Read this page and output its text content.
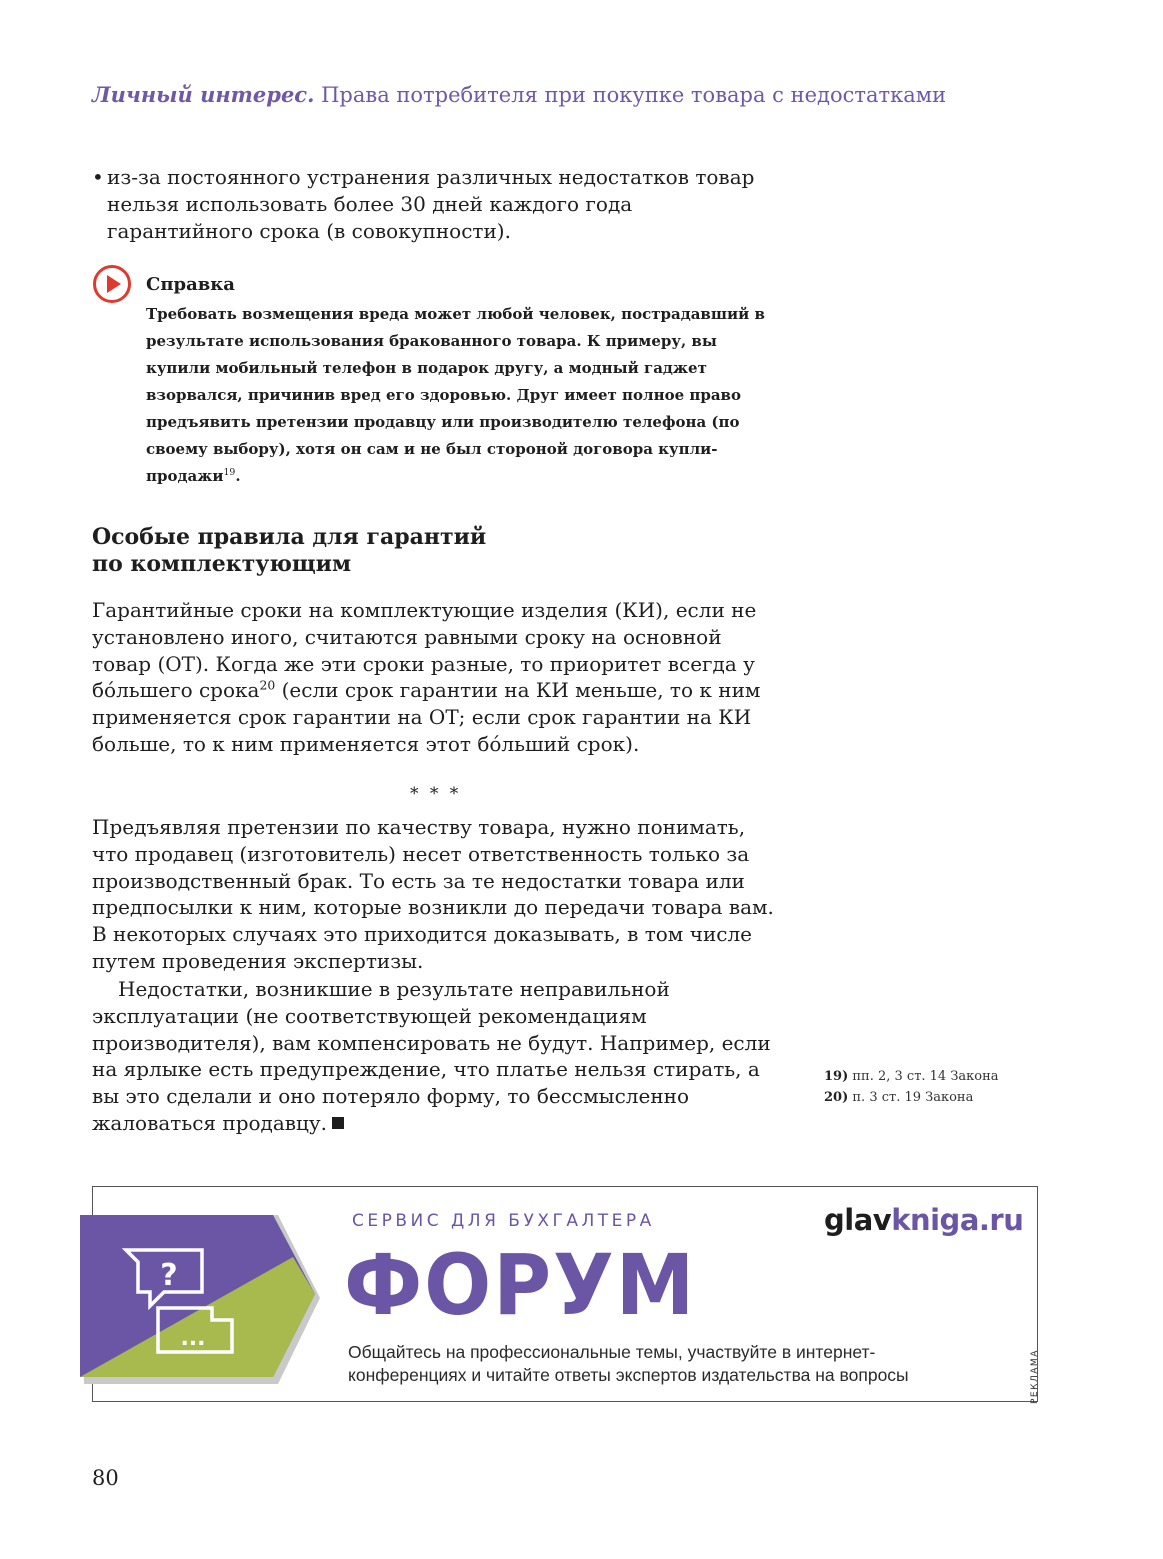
Личный интерес. Права потребителя при покупке товара с недостатками
• из-за постоянного устранения различных недостатков товар нельзя использовать более 30 дней каждого года гарантийного срока (в совокупности).
Справка
Требовать возмещения вреда может любой человек, пострадавший в результате использования бракованного товара. К примеру, вы купили мобильный телефон в подарок другу, а модный гаджет взорвался, причинив вред его здоровью. Друг имеет полное право предъявить претензии продавцу или производителю телефона (по своему выбору), хотя он сам и не был стороной договора купли-продажи$^{19}$.
Особые правила для гарантий
по комплектующим
Гарантийные сроки на комплектующие изделия (КИ), если не установлено иного, считаются равными сроку на основной товар (ОТ). Когда же эти сроки разные, то приоритет всегда у бóльшего срока$^{20}$ (если срок гарантии на КИ меньше, то к ним применяется срок гарантии на ОТ; если срок гарантии на КИ больше, то к ним применяется этот бóльший срок).
* * *
Предъявляя претензии по качеству товара, нужно понимать, что продавец (изготовитель) несет ответственность только за производственный брак. То есть за те недостатки товара или предпосылки к ним, которые возникли до передачи товара вам. В некоторых случаях это приходится доказывать, в том числе путем проведения экспертизы.
Недостатки, возникшие в результате неправильной эксплуатации (не соответствующей рекомендациям производителя), вам компенсировать не будут. Например, если на ярлыке есть предупреждение, что платье нельзя стирать, а вы это сделали и оно потеряло форму, то бессмысленно жаловаться продавцу.
19) пп. 2, 3 ст. 14 Закона
20) п. 3 ст. 19 Закона
?
...
СЕРВИС ДЛЯ БУХГАЛТЕРА	glavkniga.ru
ФОРУМ
Общайтесь на профессиональные темы, участвуйте в интернет-конференциях и читайте ответы экспертов издательства на вопросы	РЕКЛАМА
80
